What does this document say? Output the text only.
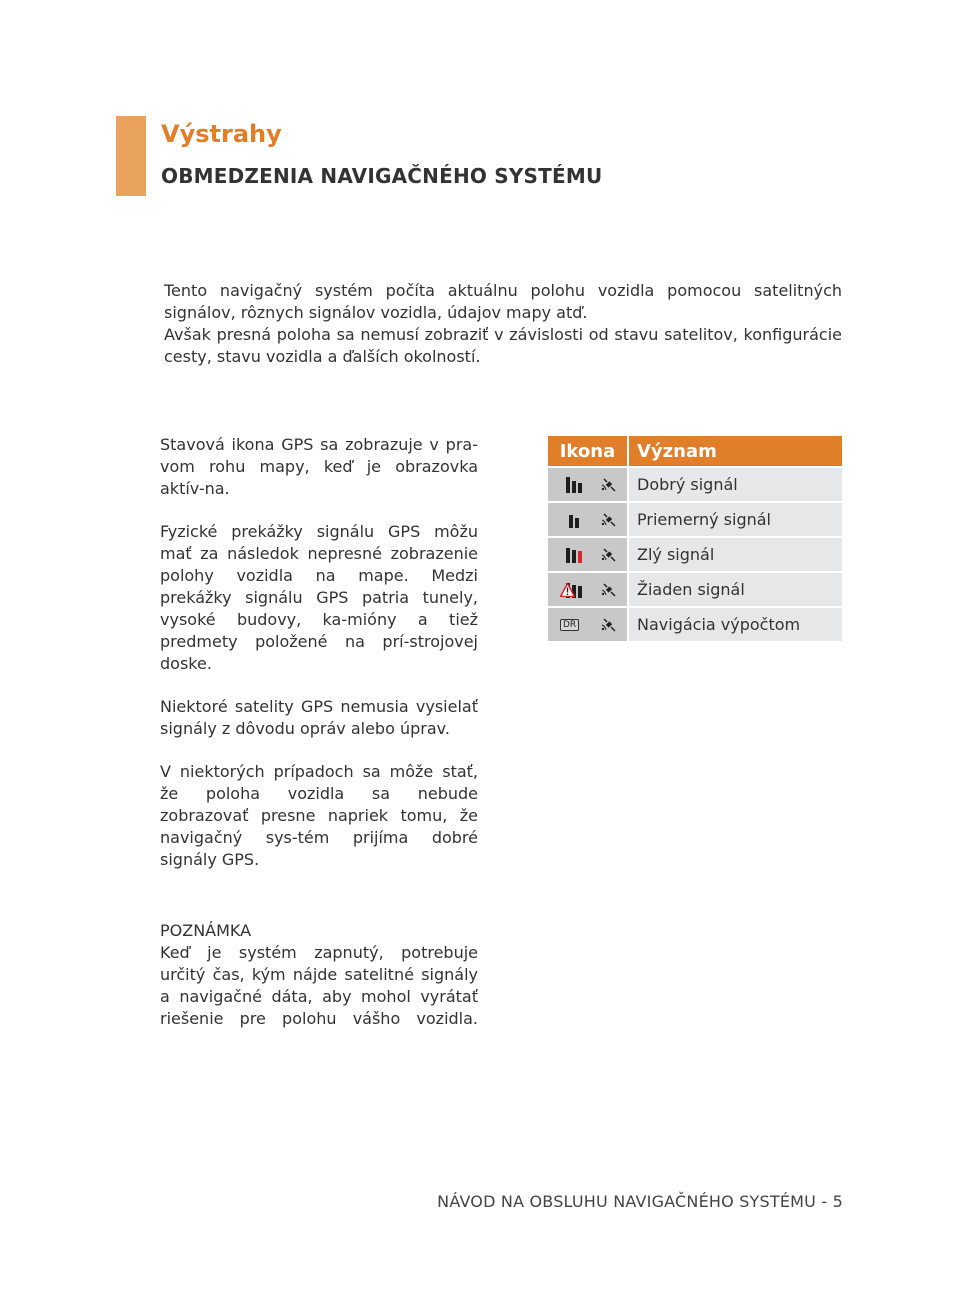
Výstrahy
OBMEDZENIA NAVIGAČNÉHO SYSTÉMU

Tento navigačný systém počíta aktuálnu polohu vozidla pomocou satelitných signálov, rôznych signálov vozidla, údajov mapy atď.

Avšak presná poloha sa nemusí zobraziť v závislosti od stavu satelitov, konfigurácie cesty, stavu vozidla a ďalších okolností.

Stavová ikona GPS sa zobrazuje v pra-vom rohu mapy, keď je obrazovka aktív-na.

Fyzické prekážky signálu GPS môžu mať za následok nepresné zobrazenie polohy vozidla na mape. Medzi prekážky signálu GPS patria tunely, vysoké budovy, ka-mióny a tiež predmety položené na prí-strojovej doske.

Niektoré satelity GPS nemusia vysielať signály z dôvodu opráv alebo úprav.

V niektorých prípadoch sa môže stať, že poloha vozidla sa nebude zobrazovať presne napriek tomu, že navigačný sys-tém prijíma dobré signály GPS.

POZNÁMKA

Keď je systém zapnutý, potrebuje určitý čas, kým nájde satelitné signály a navigačné dáta, aby mohol vyrátať riešenie pre polohu vášho vozidla.

Ikona	Význam
Dobrý signál
Priemerný signál
Zlý signál
Žiaden signál
DR	Navigácia výpočtom

NÁVOD NA OBSLUHU NAVIGAČNÉHO SYSTÉMU - 5
